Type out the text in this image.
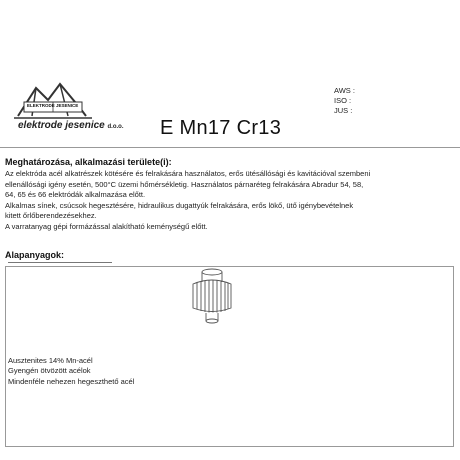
ELEKTRODE JESENICE
elektrode jesenice d.o.o. E Mn17 Cr13
AWS :
ISO :
JUS :
Meghatározása, alkalmazási területe(i):

Az elektróda acél alkatrészek kötésére és felrakására használatos, erős ütésállósági és kavitációval szembeni

ellenállósági igény esetén, 500°C üzemi hőmérsékletig. Használatos párnaréteg felrakására Abradur 54, 58,

64, 65 és 66 elektródák alkalmazása előtt.

Alkalmas sínek, csúcsok hegesztésére, hidraulikus dugattyúk felrakására, erős lökő, ütő igénybevételnek

kitett őrlőberendezésekhez.

A varratanyag gépi formázással alakítható keménységű előtt.

Alapanyagok:
Ausztenites 14% Mn-acél
Gyengén ötvözött acélok
Mindenféle nehezen hegeszthető acél
